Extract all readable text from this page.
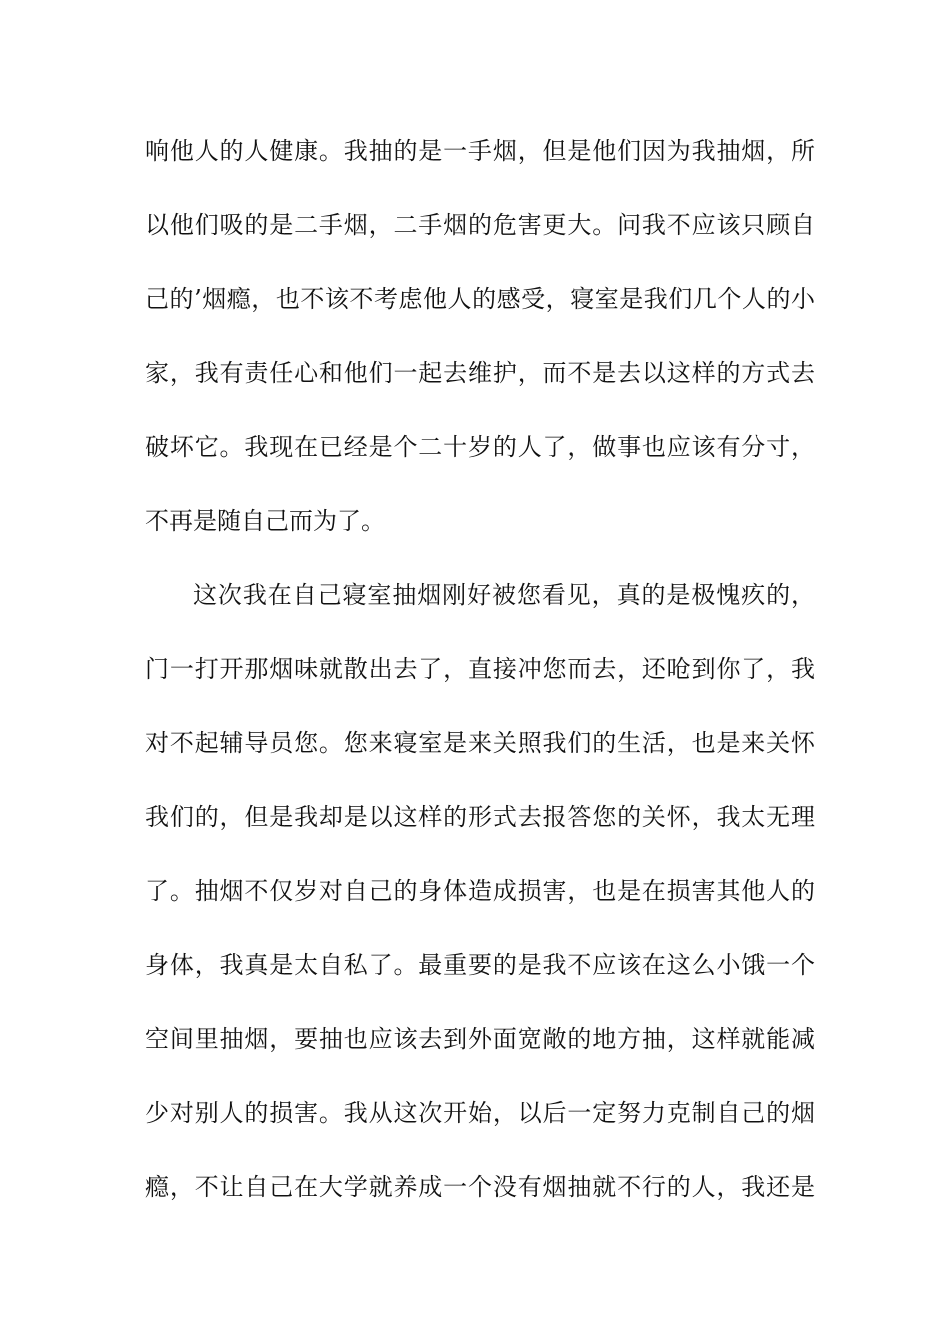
响他人的人健康。我抽的是一手烟，但是他们因为我抽烟，所
以他们吸的是二手烟，二手烟的危害更大。问我不应该只顾自
己的’烟瘾，也不该不考虑他人的感受，寝室是我们几个人的小
家，我有责任心和他们一起去维护，而不是去以这样的方式去
破坏它。我现在已经是个二十岁的人了，做事也应该有分寸，
不再是随自己而为了。
这次我在自己寝室抽烟刚好被您看见，真的是极愧疚的，
门一打开那烟味就散出去了，直接冲您而去，还呛到你了，我
对不起辅导员您。您来寝室是来关照我们的生活，也是来关怀
我们的，但是我却是以这样的形式去报答您的关怀，我太无理
了。抽烟不仅岁对自己的身体造成损害，也是在损害其他人的
身体，我真是太自私了。最重要的是我不应该在这么小饿一个
空间里抽烟，要抽也应该去到外面宽敞的地方抽，这样就能减
少对别人的损害。我从这次开始，以后一定努力克制自己的烟
瘾，不让自己在大学就养成一个没有烟抽就不行的人，我还是
